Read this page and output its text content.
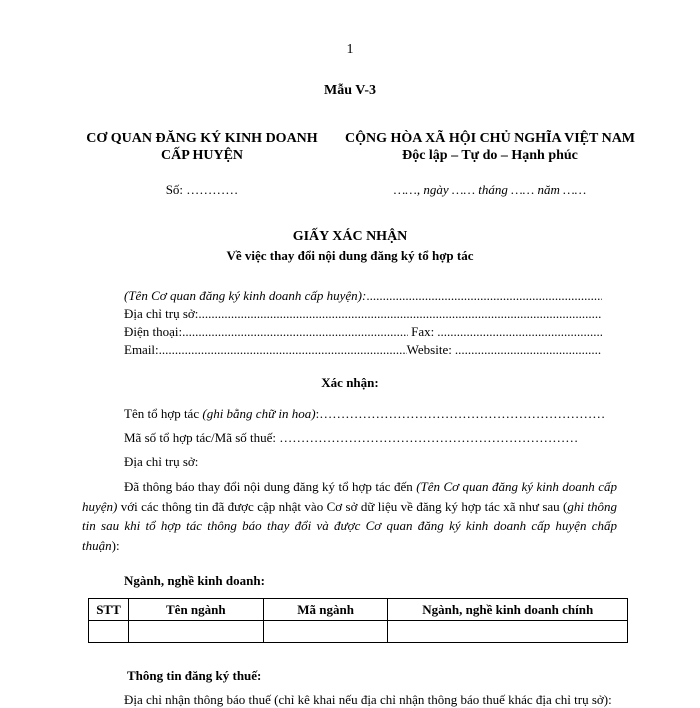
1
Mẫu V-3
CƠ QUAN ĐĂNG KÝ KINH DOANH
CẤP HUYỆN
CỘNG HÒA XÃ HỘI CHỦ NGHĨA VIỆT NAM
Độc lập – Tự do – Hạnh phúc
Số: …………	……, ngày …… tháng …… năm ……
GIẤY XÁC NHẬN
Về việc thay đổi nội dung đăng ký tổ hợp tác
(Tên Cơ quan đăng ký kinh doanh cấp huyện):
.....
Địa chỉ trụ sở:
.....
Điện thoại: .....	Fax:
.....
Email: .....	Website:
.....
Xác nhận:
Tên tổ hợp tác (ghi bằng chữ in hoa):…………………………………………………………
Mã số tổ hợp tác/Mã số thuế: ……………………………………………………………
Địa chỉ trụ sở:
Đã thông báo thay đổi nội dung đăng ký tổ hợp tác đến (Tên Cơ quan đăng ký kinh doanh cấp huyện) với các thông tin đã được cập nhật vào Cơ sở dữ liệu về đăng ký hợp tác xã như sau (ghi thông tin sau khi tổ hợp tác thông báo thay đổi và được Cơ quan đăng ký kinh doanh cấp huyện chấp thuận):
Ngành, nghề kinh doanh:
STT	Tên ngành	Mã ngành	Ngành, nghề kinh doanh chính

Thông tin đăng ký thuế:
Địa chỉ nhận thông báo thuế (chỉ kê khai nếu địa chỉ nhận thông báo thuế khác địa chỉ trụ sở):
